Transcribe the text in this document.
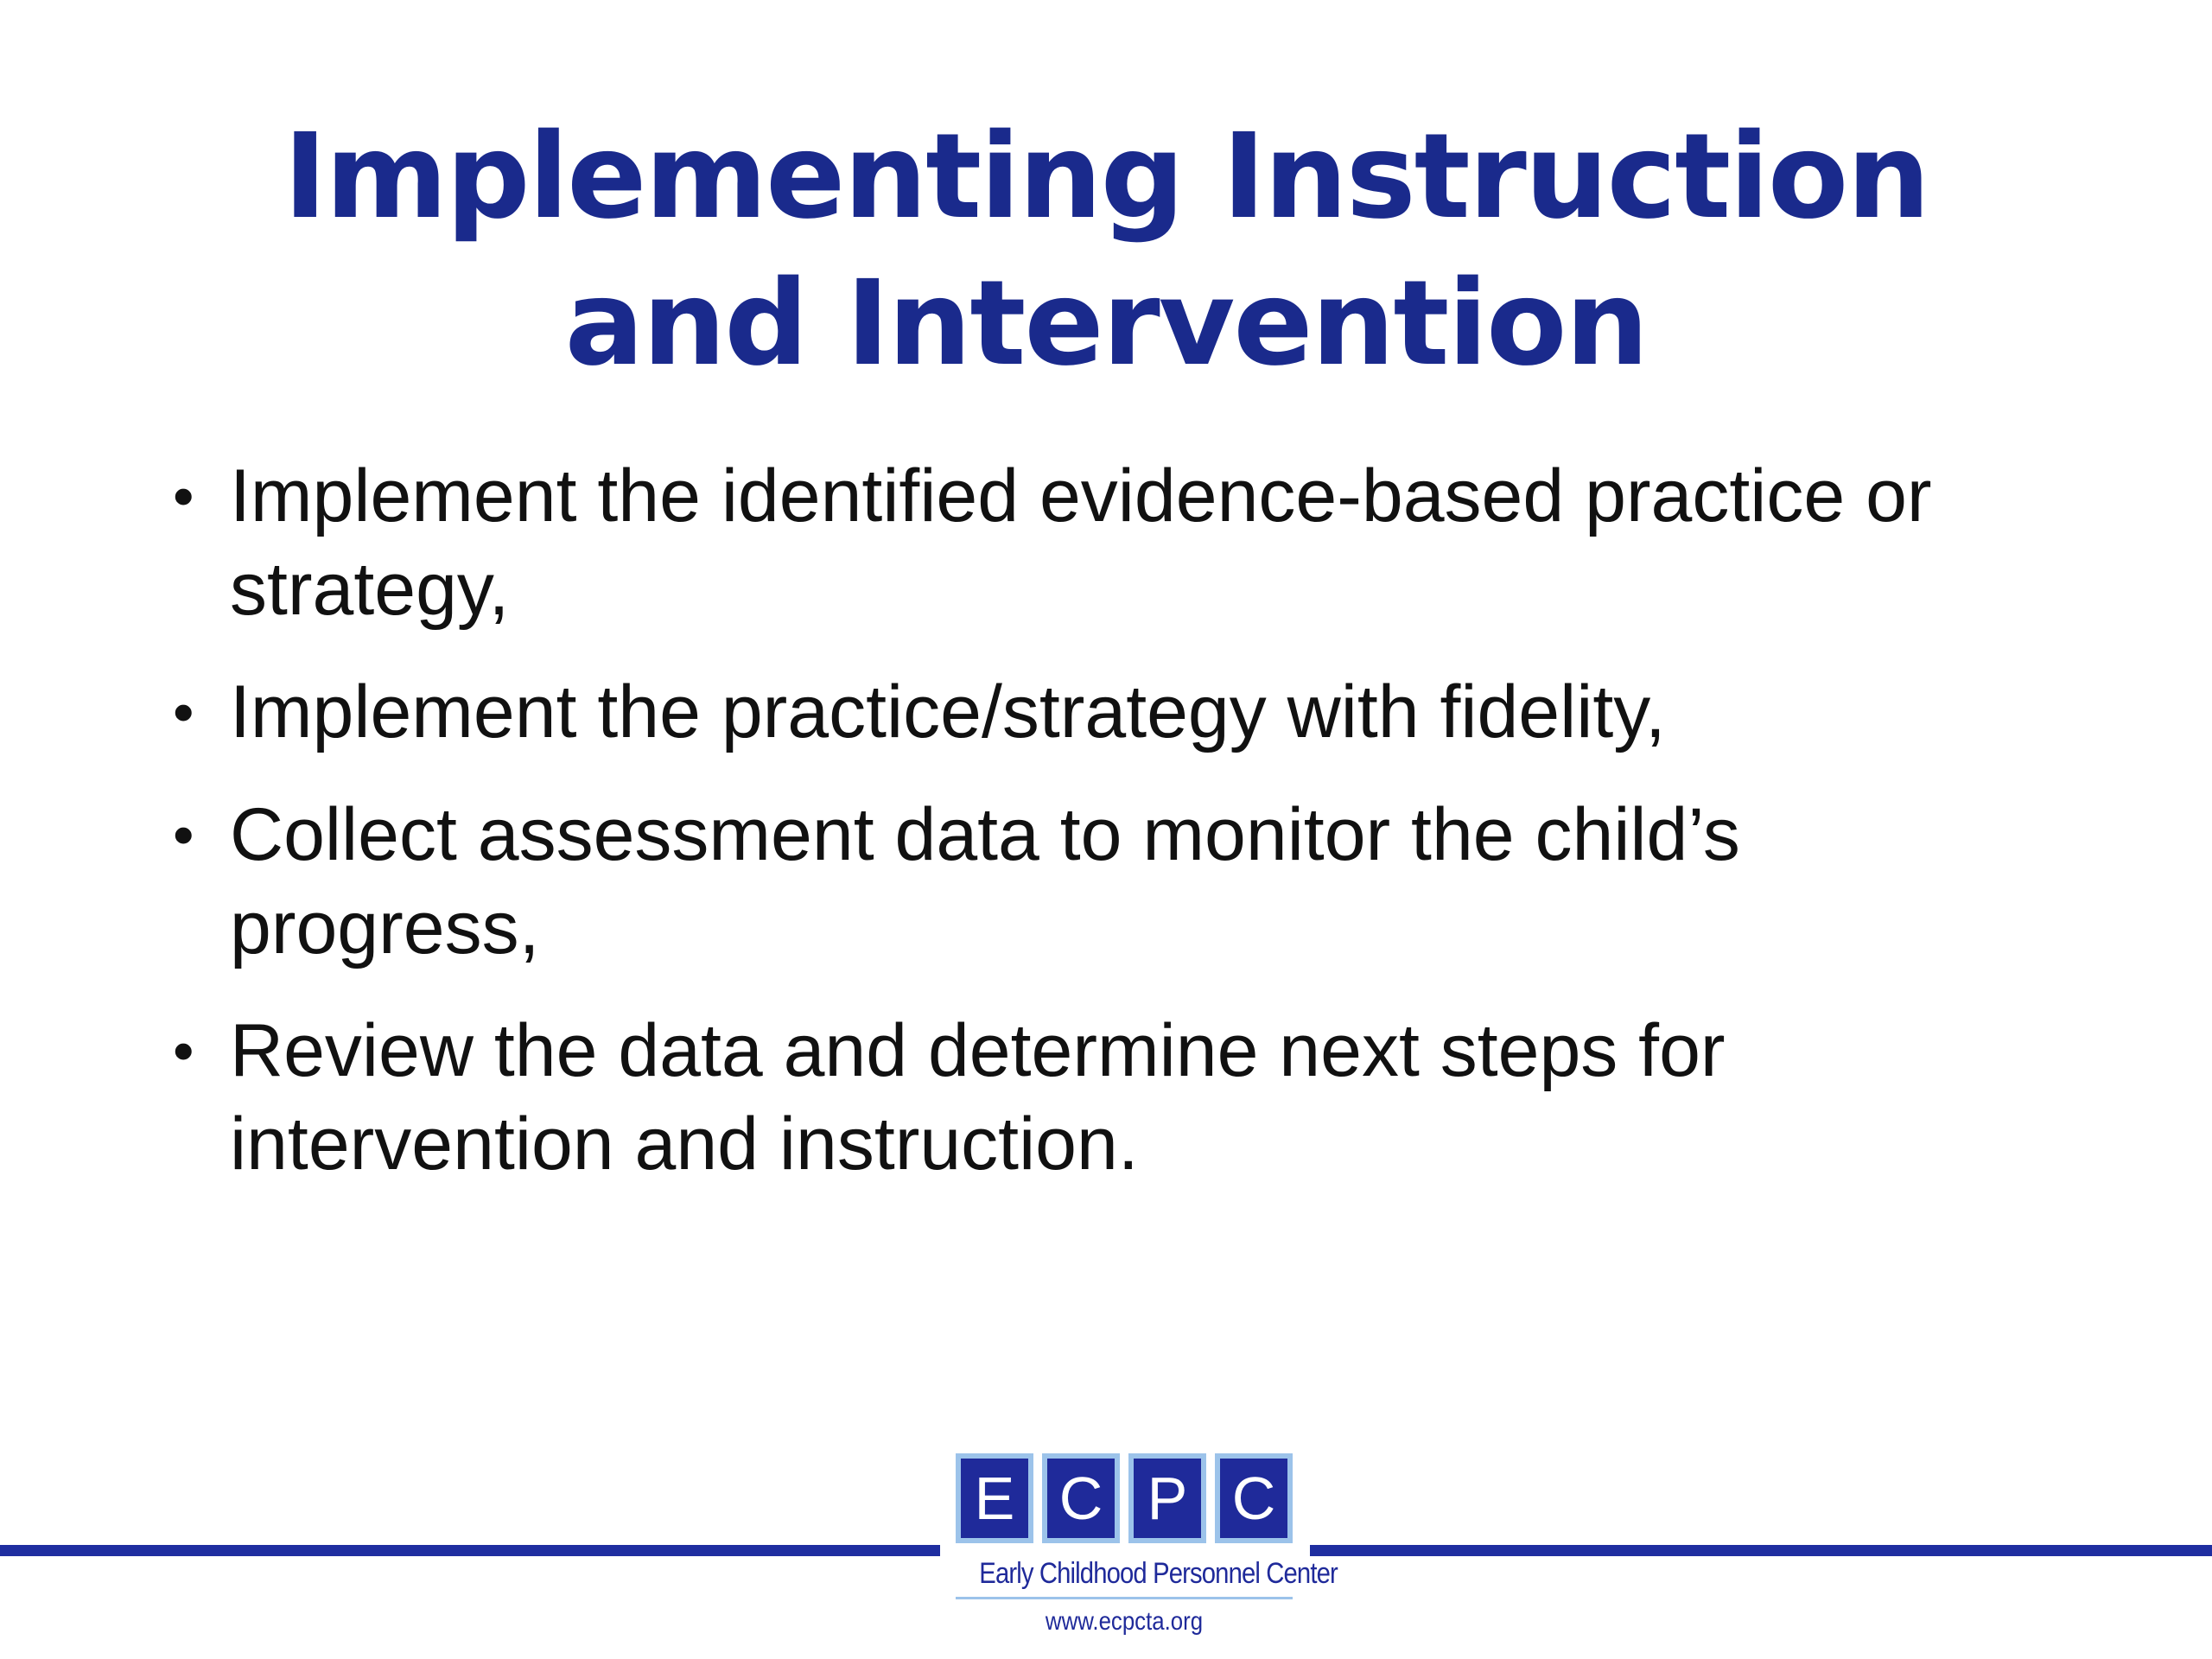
Implementing Instruction
and Intervention
• Implement the identified evidence-based practice or strategy,
• Implement the practice/strategy with fidelity,
• Collect assessment data to monitor the child’s progress,
• Review the data and determine next steps for intervention and instruction.
E C P C
Early Childhood Personnel Center
www.ecpcta.org
